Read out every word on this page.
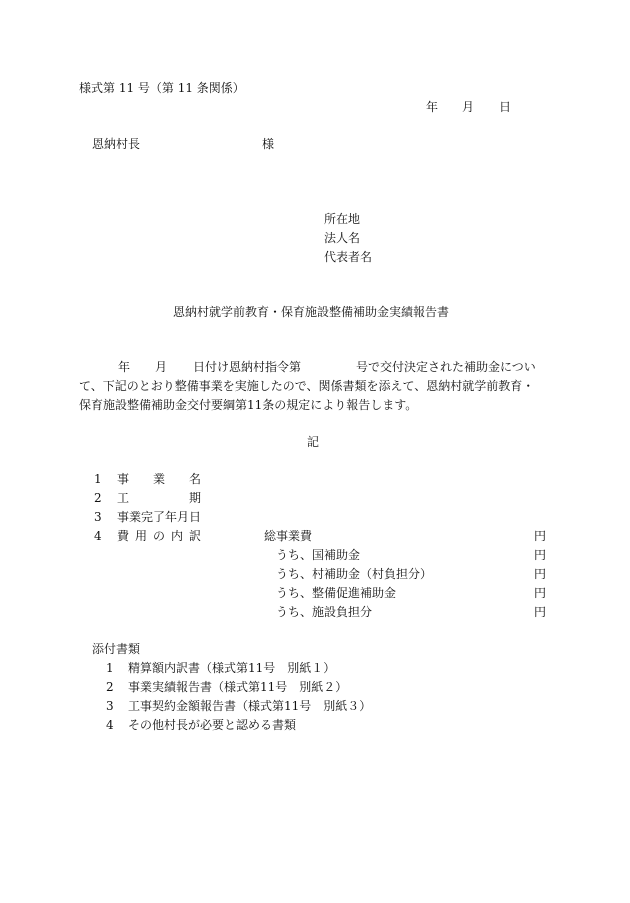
様式第 11 号（第 11 条関係）
年 月 日
恩納村長	様
所在地
法人名
代表者名
恩納村就学前教育・保育施設整備補助金実績報告書
年 月 日付け恩納村指令第	号で交付決定された補助金につい
て、下記のとおり整備事業を実施したので、関係書類を添えて、恩納村就学前教育・
保育施設整備補助金交付要綱第11条の規定により報告します。
記
1 事 業 名
2 工	期
3 事業完了年月日
4 費 用 の 内 訳	総事業費	円
うち、国補助金	円
うち、村補助金（村負担分）	円
うち、整備促進補助金	円
うち、施設負担分	円
添付書類
1 精算額内訳書（様式第11号　別紙１）
2 事業実績報告書（様式第11号　別紙２）
3 工事契約金額報告書（様式第11号　別紙３）
4 その他村長が必要と認める書類
